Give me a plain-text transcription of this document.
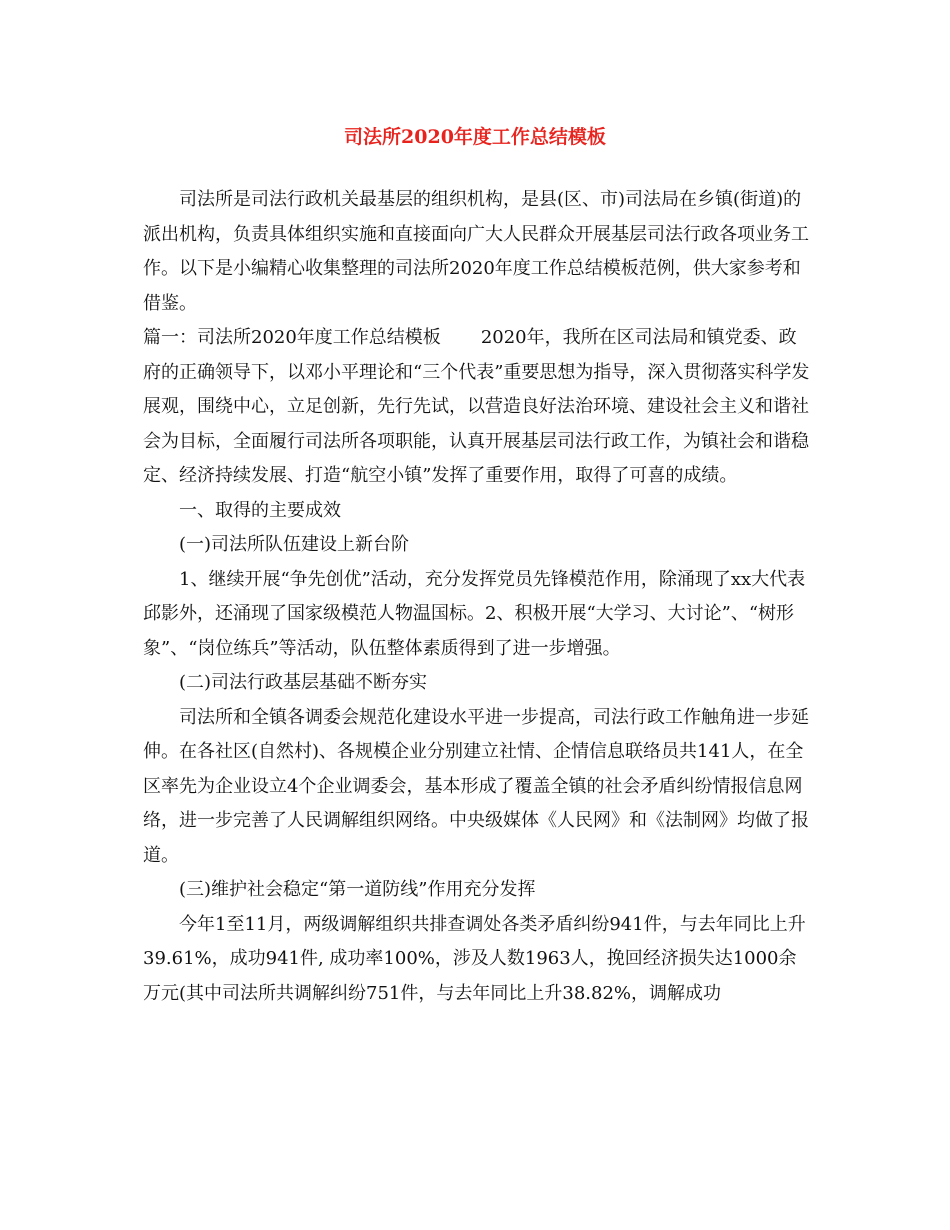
司法所2020年度工作总结模板

司法所是司法行政机关最基层的组织机构，是县(区、市)司法局在乡镇(街道)的派出机构，负责具体组织实施和直接面向广大人民群众开展基层司法行政各项业务工作。以下是小编精心收集整理的司法所2020年度工作总结模板范例，供大家参考和借鉴。

篇一：司法所2020年度工作总结模板 2020年，我所在区司法局和镇党委、政府的正确领导下，以邓小平理论和“三个代表”重要思想为指导，深入贯彻落实科学发展观，围绕中心，立足创新，先行先试，以营造良好法治环境、建设社会主义和谐社会为目标，全面履行司法所各项职能，认真开展基层司法行政工作，为镇社会和谐稳定、经济持续发展、打造“航空小镇”发挥了重要作用，取得了可喜的成绩。

一、取得的主要成效

(一)司法所队伍建设上新台阶

1、继续开展“争先创优”活动，充分发挥党员先锋模范作用，除涌现了xx大代表邱影外，还涌现了国家级模范人物温国标。2、积极开展“大学习、大讨论”、“树形象”、“岗位练兵”等活动，队伍整体素质得到了进一步增强。

(二)司法行政基层基础不断夯实

司法所和全镇各调委会规范化建设水平进一步提高，司法行政工作触角进一步延伸。在各社区(自然村)、各规模企业分别建立社情、企情信息联络员共141人，在全区率先为企业设立4个企业调委会，基本形成了覆盖全镇的社会矛盾纠纷情报信息网络，进一步完善了人民调解组织网络。中央级媒体《人民网》和《法制网》均做了报道。

(三)维护社会稳定“第一道防线”作用充分发挥

今年1至11月，两级调解组织共排查调处各类矛盾纠纷941件，与去年同比上升39.61%，成功941件, 成功率100%，涉及人数1963人，挽回经济损失达1000余万元(其中司法所共调解纠纷751件，与去年同比上升38.82%，调解成功
